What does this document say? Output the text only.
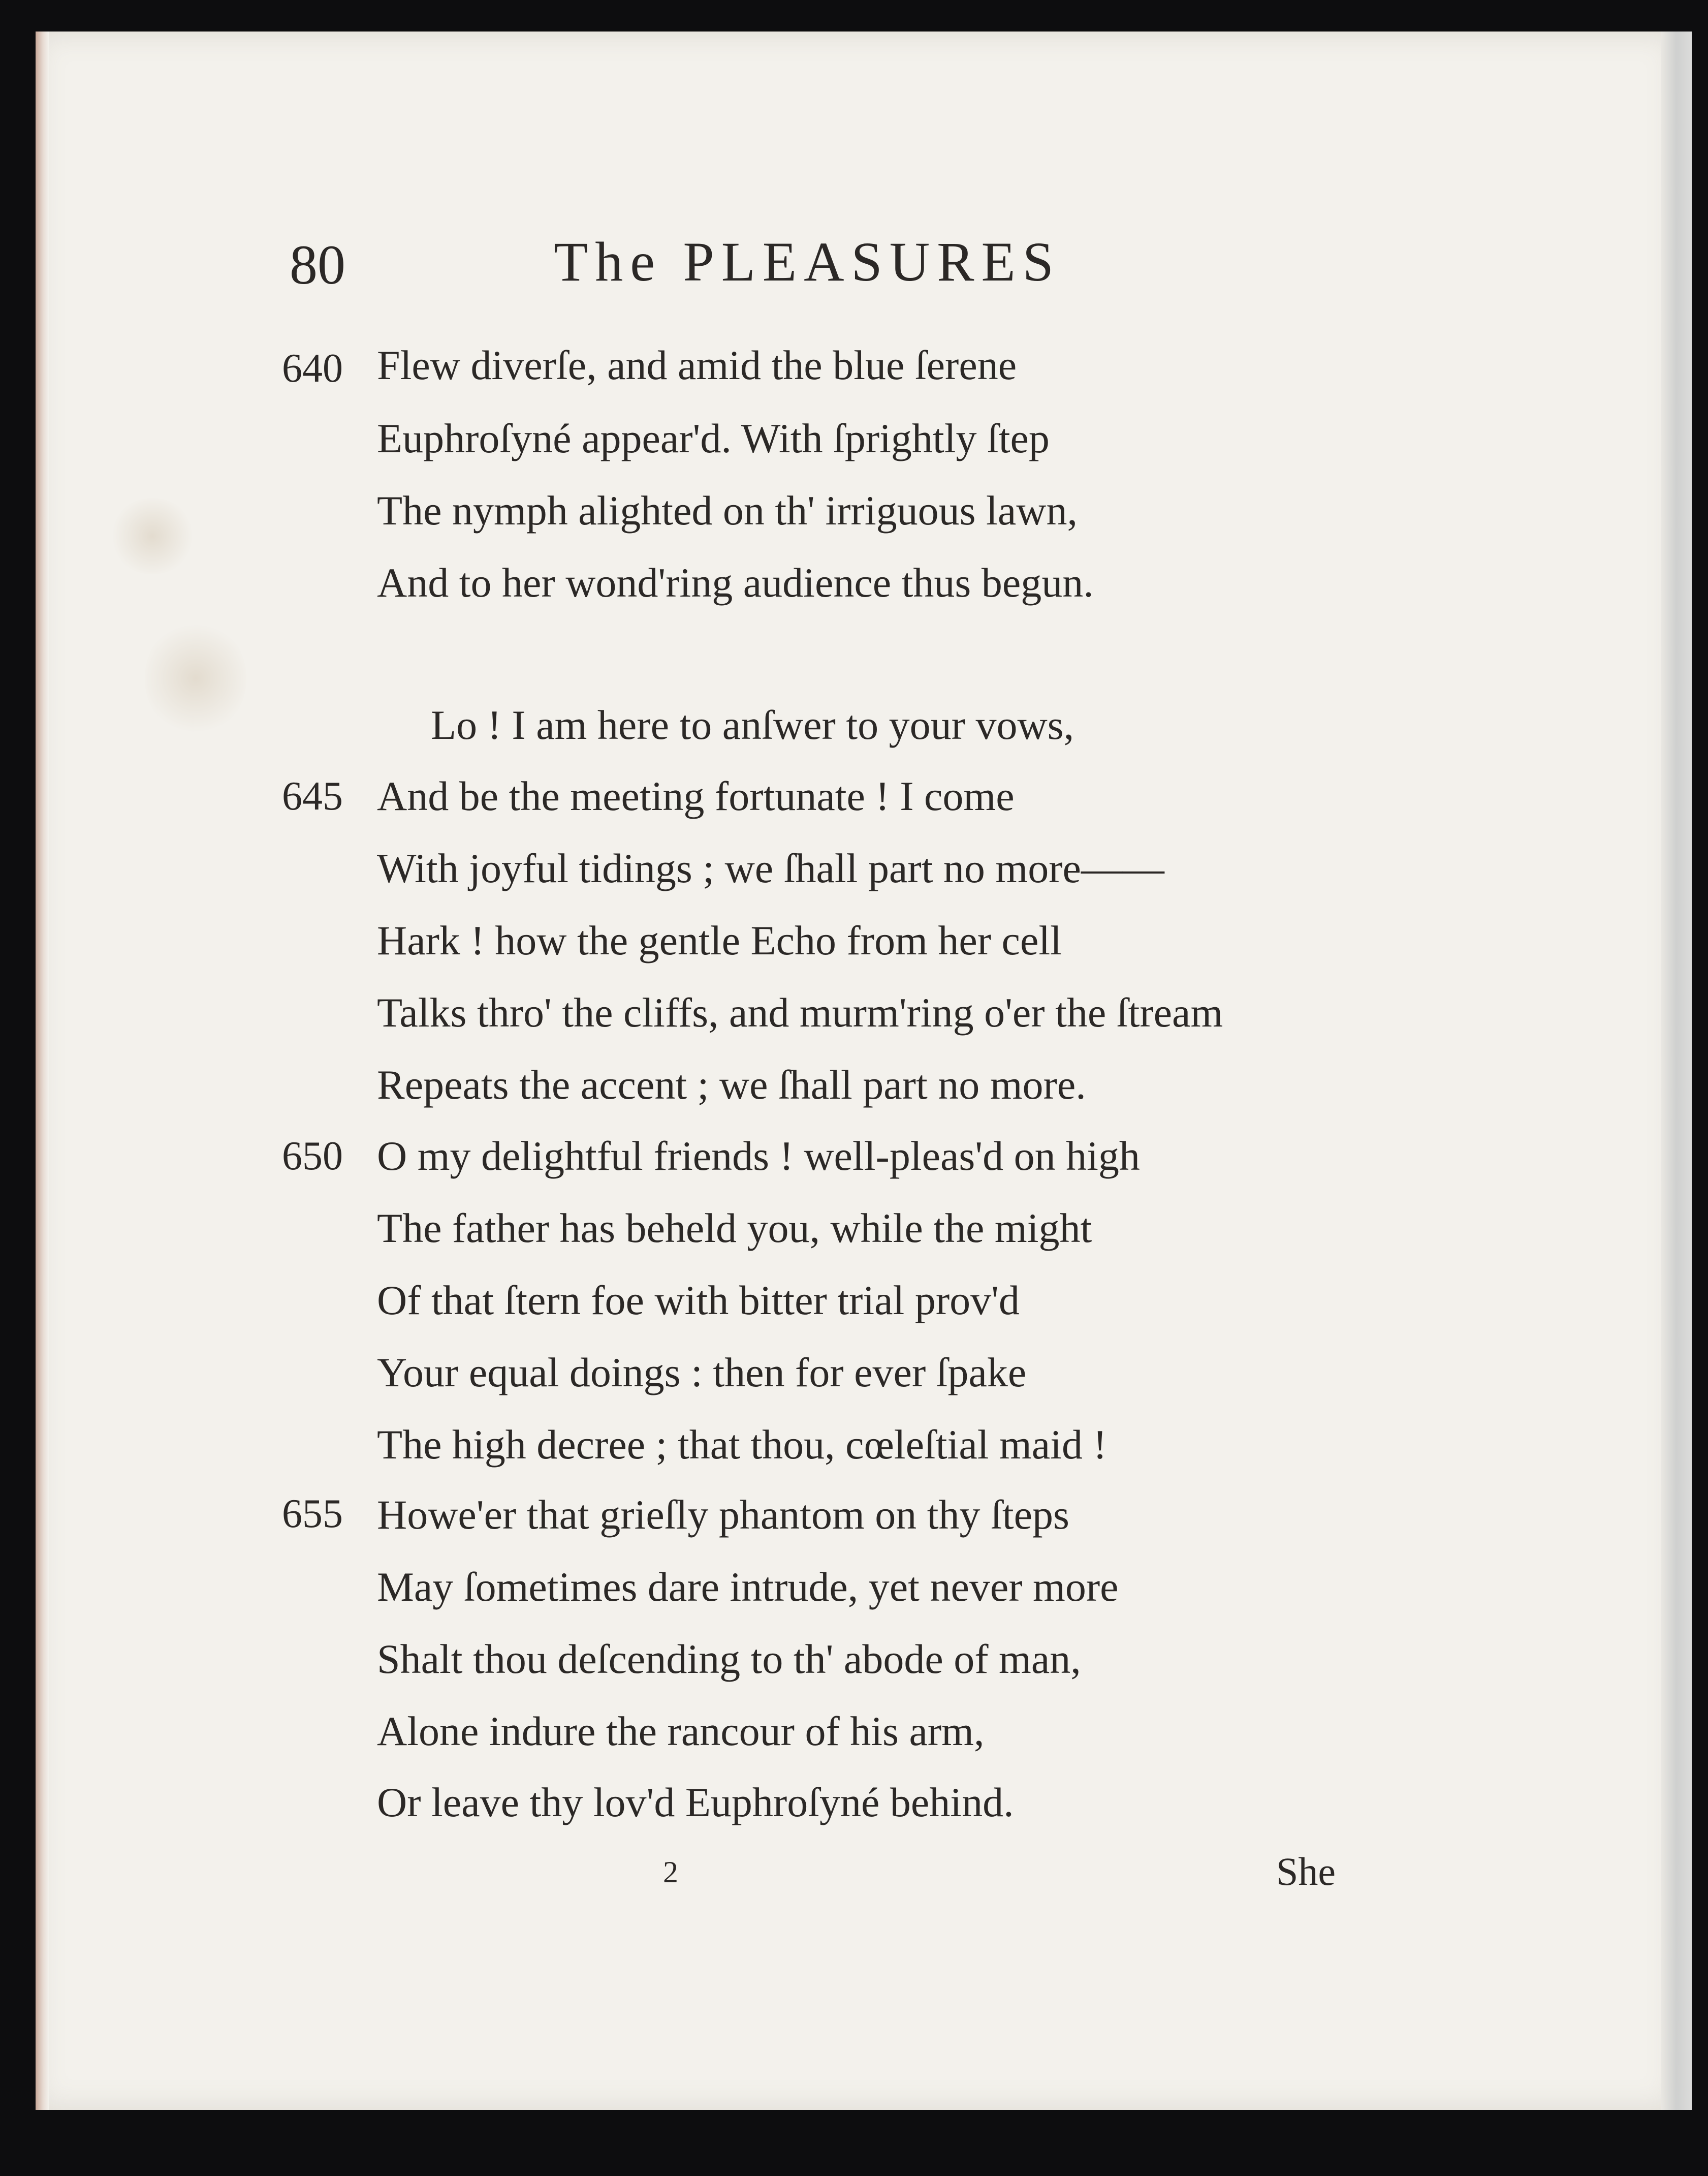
80	The PLEASURES
640
645
650
655
Flew diverſe, and amid the blue ſerene
Euphroſyné appear'd. With ſprightly ſtep
The nymph alighted on th' irriguous lawn,
And to her wond'ring audience thus begun.
Lo ! I am here to anſwer to your vows,
And be the meeting fortunate ! I come
With joyful tidings ; we ſhall part no more——
Hark ! how the gentle Echo from her cell
Talks thro' the cliffs, and murm'ring o'er the ſtream
Repeats the accent ; we ſhall part no more.
O my delightful friends ! well-pleas'd on high
The father has beheld you, while the might
Of that ſtern foe with bitter trial prov'd
Your equal doings : then for ever ſpake
The high decree ; that thou, cœleſtial maid !
Howe'er that grieſly phantom on thy ſteps
May ſometimes dare intrude, yet never more
Shalt thou deſcending to th' abode of man,
Alone indure the rancour of his arm,
Or leave thy lov'd Euphroſyné behind.
2	She
